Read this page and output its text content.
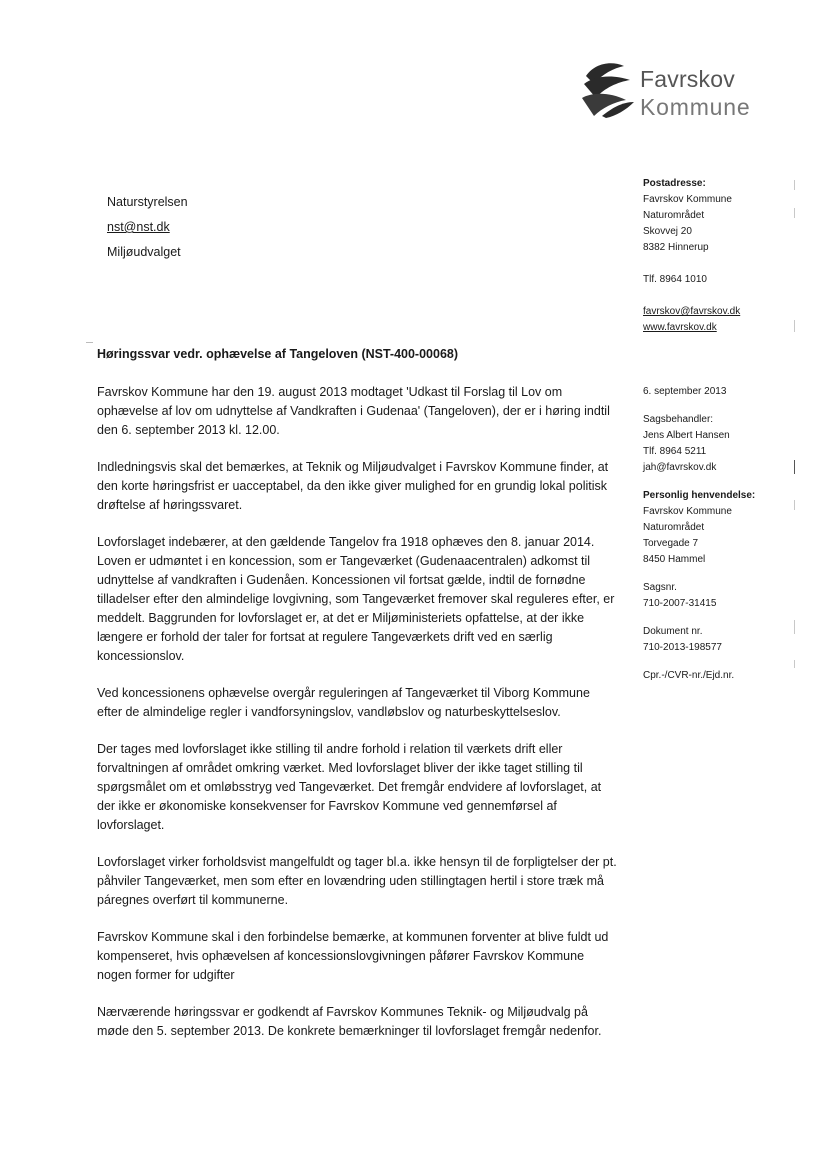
Favrskov
Kommune
Naturstyrelsen
nst@nst.dk
Miljøudvalget
Postadresse:
Favrskov Kommune
Naturområdet
Skovvej 20
8382 Hinnerup
Tlf. 8964 1010
favrskov@favrskov.dk
www.favrskov.dk
6. september 2013
Sagsbehandler:
Jens Albert Hansen
Tlf. 8964 5211
jah@favrskov.dk
Personlig henvendelse:
Favrskov Kommune
Naturområdet
Torvegade 7
8450 Hammel
Sagsnr.
710-2007-31415
Dokument nr.
710-2013-198577
Cpr.-/CVR-nr./Ejd.nr.
Høringssvar vedr. ophævelse af Tangeloven (NST-400-00068)

Favrskov Kommune har den 19. august 2013 modtaget 'Udkast til Forslag til Lov om ophævelse af lov om udnyttelse af Vandkraften i Gudenaa' (Tangeloven), der er i høring indtil den 6. september 2013 kl. 12.00.

Indledningsvis skal det bemærkes, at Teknik og Miljøudvalget i Favrskov Kommune finder, at den korte høringsfrist er uacceptabel, da den ikke giver mulighed for en grundig lokal politisk drøftelse af høringssvaret.

Lovforslaget indebærer, at den gældende Tangelov fra 1918 ophæves den 8. januar 2014. Loven er udmøntet i en koncession, som er Tangeværket (Gudenaacentralen) adkomst til udnyttelse af vandkraften i Gudenåen. Koncessionen vil fortsat gælde, indtil de fornødne tilladelser efter den almindelige lovgivning, som Tangeværket fremover skal reguleres efter, er meddelt. Baggrunden for lovforslaget er, at det er Miljøministeriets opfattelse, at der ikke længere er forhold der taler for fortsat at regulere Tangeværkets drift ved en særlig koncessionslov.

Ved koncessionens ophævelse overgår reguleringen af Tangeværket til Viborg Kommune efter de almindelige regler i vandforsyningslov, vandløbslov og naturbeskyttelseslov.

Der tages med lovforslaget ikke stilling til andre forhold i relation til værkets drift eller forvaltningen af området omkring værket. Med lovforslaget bliver der ikke taget stilling til spørgsmålet om et omløbsstryg ved Tangeværket. Det fremgår endvidere af lovforslaget, at der ikke er økonomiske konsekvenser for Favrskov Kommune ved gennemførsel af lovforslaget.

Lovforslaget virker forholdsvist mangelfuldt og tager bl.a. ikke hensyn til de forpligtelser der pt. påhviler Tangeværket, men som efter en lovændring uden stillingtagen hertil i store træk må páregnes overført til kommunerne.

Favrskov Kommune skal i den forbindelse bemærke, at kommunen forventer at blive fuldt ud kompenseret, hvis ophævelsen af koncessionslovgivningen påfører Favrskov Kommune nogen former for udgifter

Nærværende høringssvar er godkendt af Favrskov Kommunes Teknik- og Miljøudvalg på møde den 5. september 2013. De konkrete bemærkninger til lovforslaget fremgår nedenfor.
